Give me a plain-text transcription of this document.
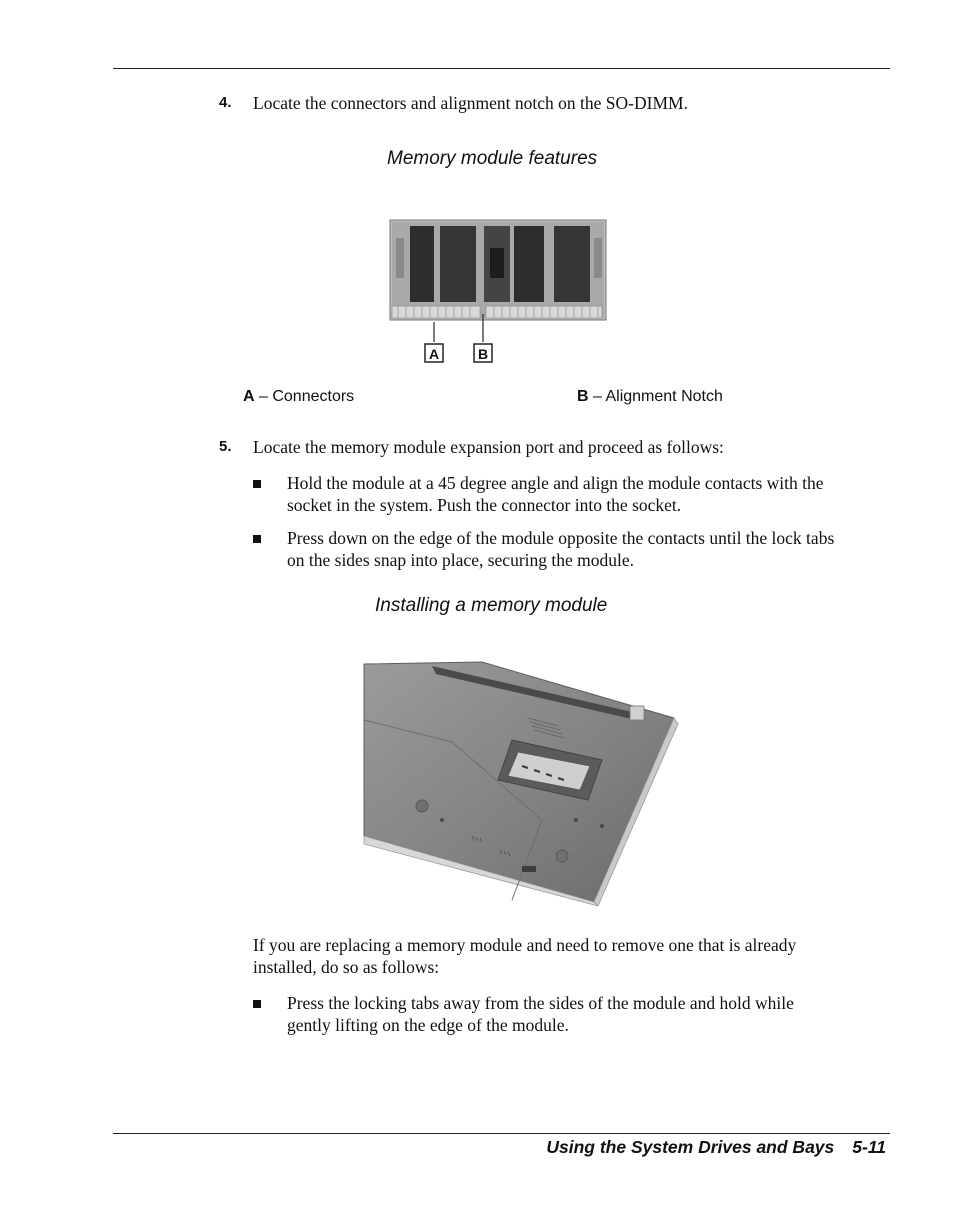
4. Locate the connectors and alignment notch on the SO-DIMM.
Memory module features
A	B
A – Connectors	B – Alignment Notch
5. Locate the memory module expansion port and proceed as follows:
Hold the module at a 45 degree angle and align the module contacts with the
socket in the system. Push the connector into the socket.
Press down on the edge of the module opposite the contacts until the lock tabs
on the sides snap into place, securing the module.
Installing a memory module
If you are replacing a memory module and need to remove one that is already
installed, do so as follows:
Press the locking tabs away from the sides of the module and hold while
gently lifting on the edge of the module.
Using the System Drives and Bays 5-11
